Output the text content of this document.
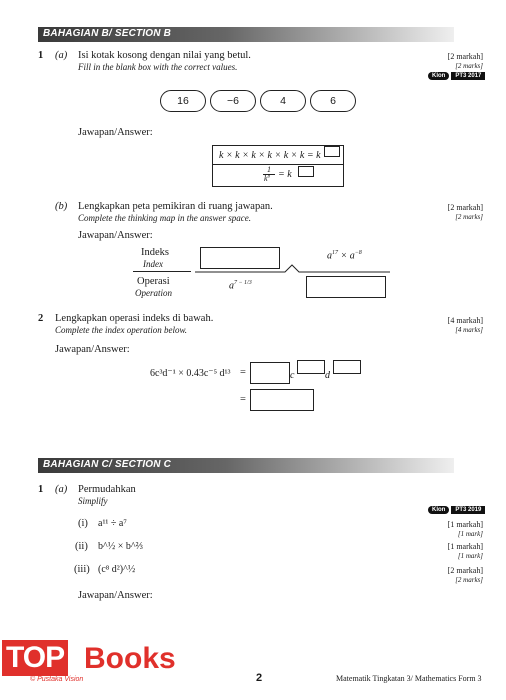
BAHAGIAN B/ SECTION B
1 (a) Isi kotak kosong dengan nilai yang betul.
Fill in the blank box with the correct values.
[2 markah]
[2 marks]
Klon	PT3 2017
16	−6	4	6
Jawapan/Answer:
k × k × k × k × k × k = k
1
$k^8 = k$
(b) Lengkapkan peta pemikiran di ruang jawapan.
Complete the thinking map in the answer space.
[2 markah]
[2 marks]
Jawapan/Answer:
Indeks
Index
Operasi
Operation
$a^{17} \times a^{-8}$
$a^{7 - 1/3}$
2 Lengkapkan operasi indeks di bawah.
Complete the index operation below.
[4 markah]
[4 marks]
Jawapan/Answer:
6c³d⁻¹ × 0.43c⁻⁵ d¹³ =	c	d
=
BAHAGIAN C/ SECTION C
1 (a) Permudahkan
Simplify
Klon	PT3 2019
(i) a¹¹ ÷ a⁷	[1 markah]
[1 mark]
(ii) b^½ × b^⅔	[1 markah]
[1 mark]
(iii) (c⁸ d²)^½	[2 markah]
[2 marks]
Jawapan/Answer:
TOP Books
© Pustaka Vision	2	Matematik Tingkatan 3/ Mathematics Form 3
